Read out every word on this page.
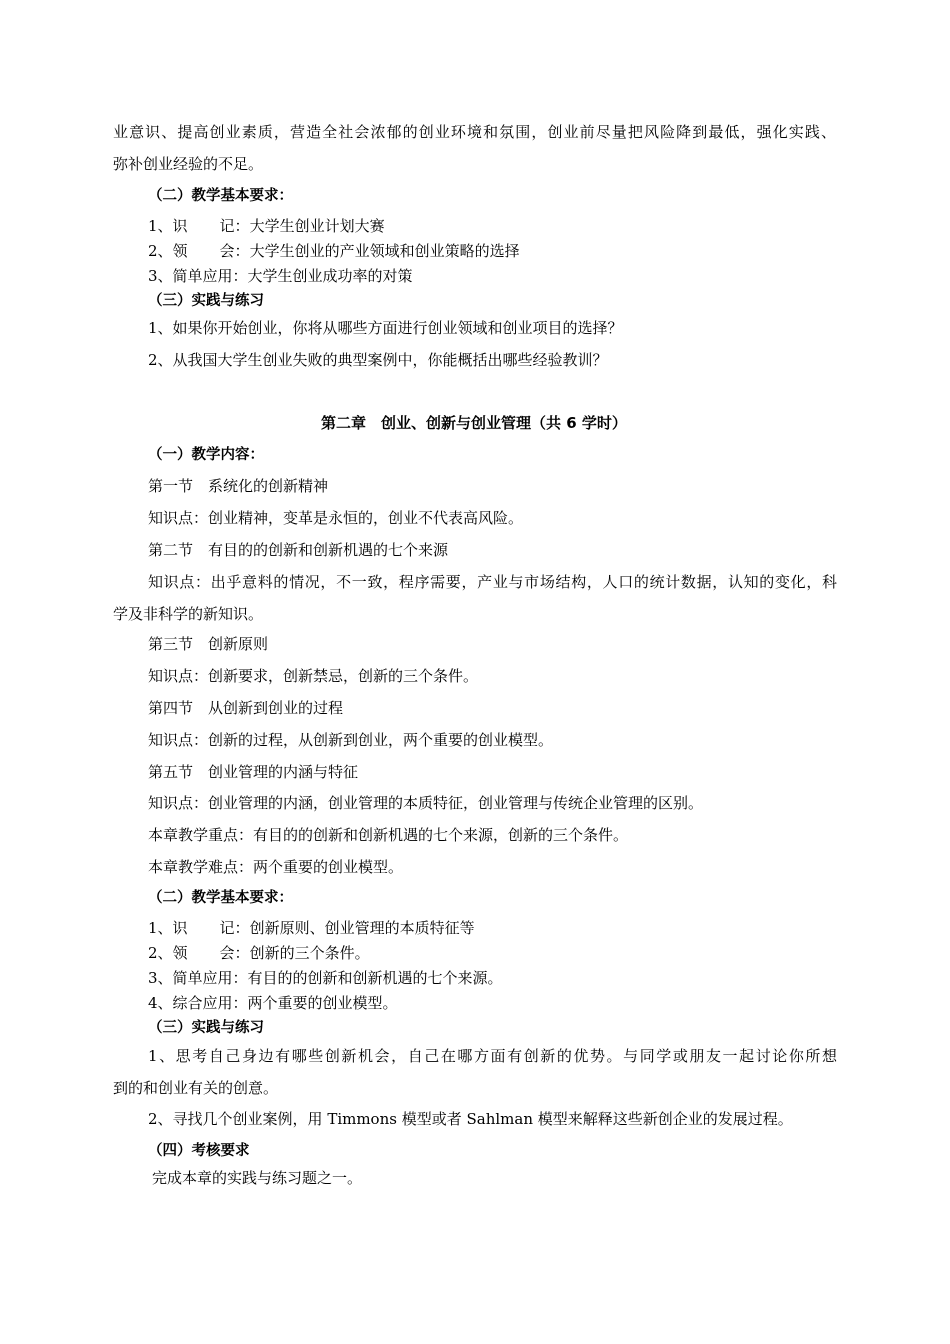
业意识、提高创业素质，营造全社会浓郁的创业环境和氛围，创业前尽量把风险降到最低，强化实践、
弥补创业经验的不足。
（二）教学基本要求：
1、识 记：大学生创业计划大赛
2、领 会：大学生创业的产业领域和创业策略的选择
3、简单应用：大学生创业成功率的对策
（三）实践与练习
1、如果你开始创业，你将从哪些方面进行创业领域和创业项目的选择？
2、从我国大学生创业失败的典型案例中，你能概括出哪些经验教训？
第二章　创业、创新与创业管理（共 6 学时）
（一）教学内容：
第一节　系统化的创新精神
知识点：创业精神，变革是永恒的，创业不代表高风险。
第二节　有目的的创新和创新机遇的七个来源
知识点：出乎意料的情况，不一致，程序需要，产业与市场结构，人口的统计数据，认知的变化，科
学及非科学的新知识。
第三节　创新原则
知识点：创新要求，创新禁忌，创新的三个条件。
第四节　从创新到创业的过程
知识点：创新的过程，从创新到创业，两个重要的创业模型。
第五节　创业管理的内涵与特征
知识点：创业管理的内涵，创业管理的本质特征，创业管理与传统企业管理的区别。
本章教学重点：有目的的创新和创新机遇的七个来源，创新的三个条件。
本章教学难点：两个重要的创业模型。
（二）教学基本要求：
1、识 记：创新原则、创业管理的本质特征等
2、领 会：创新的三个条件。
3、简单应用：有目的的创新和创新机遇的七个来源。
4、综合应用：两个重要的创业模型。
（三）实践与练习
1、思考自己身边有哪些创新机会，自己在哪方面有创新的优势。与同学或朋友一起讨论你所想
到的和创业有关的创意。
2、寻找几个创业案例，用 Timmons 模型或者 Sahlman 模型来解释这些新创企业的发展过程。
（四）考核要求
完成本章的实践与练习题之一。
